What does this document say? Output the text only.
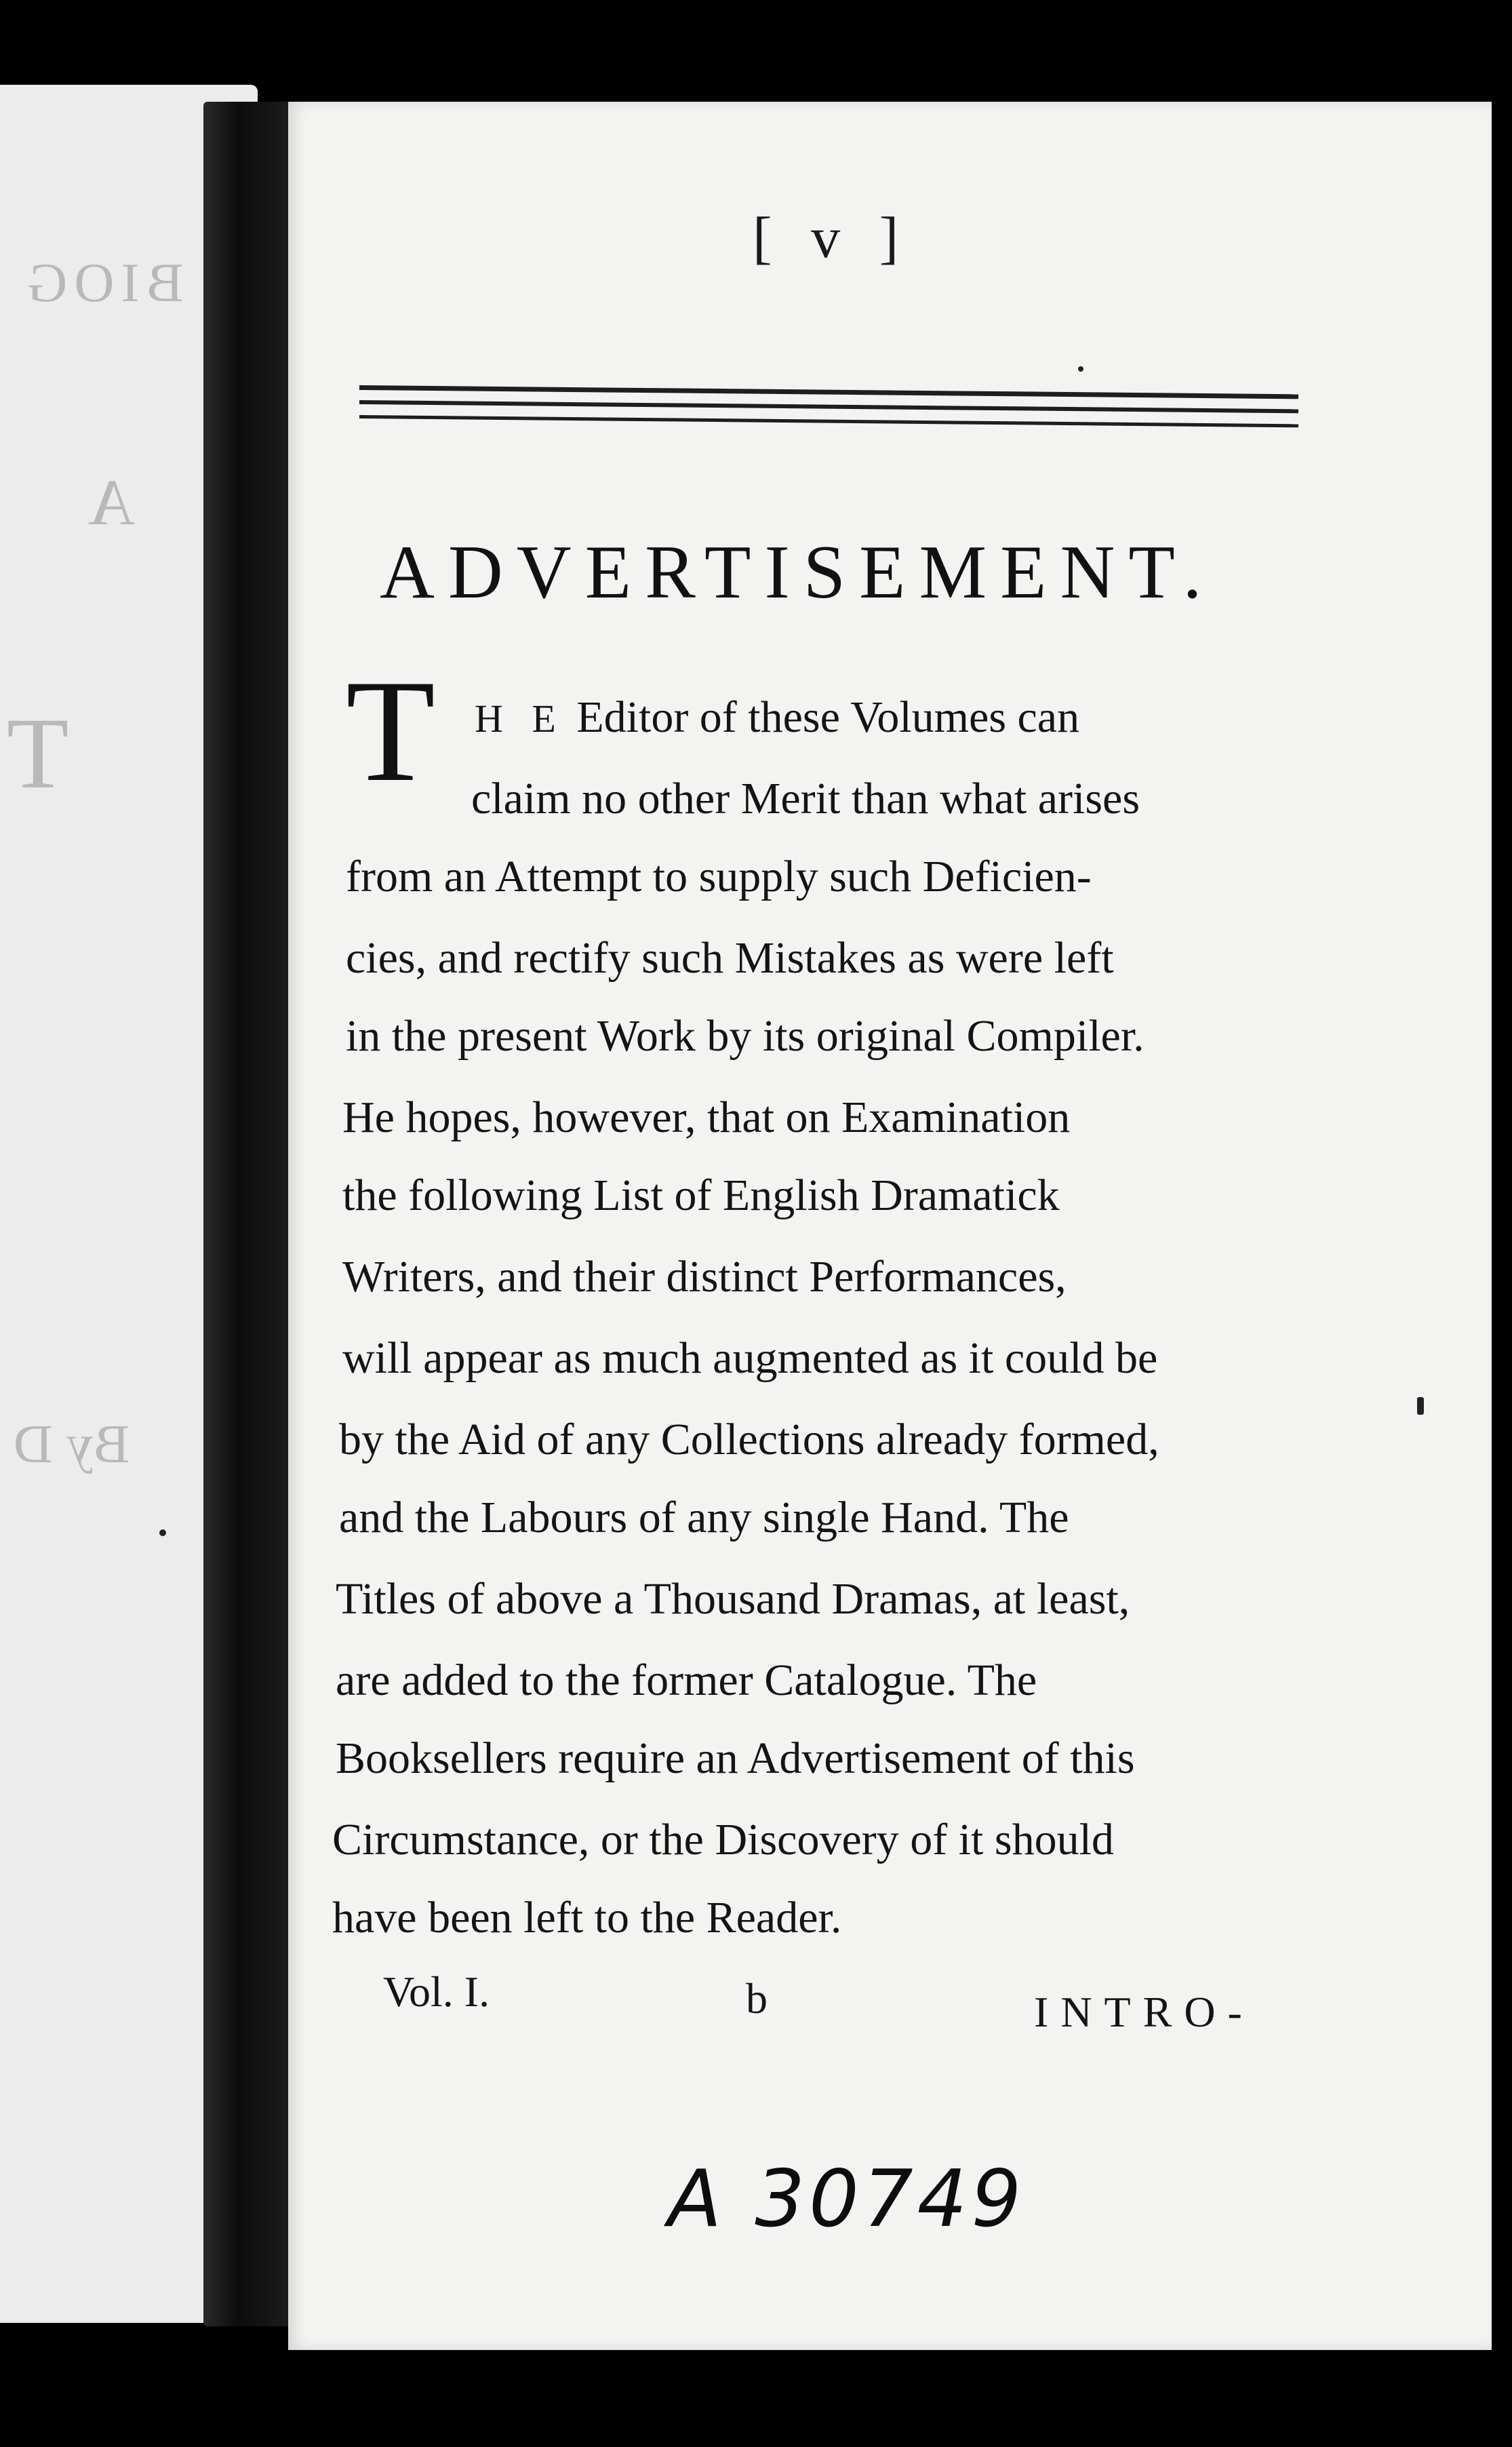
BIOG
A
T
By D
[ v ]
ADVERTISEMENT.
T H E Editor of these Volumes can
claim no other Merit than what arises
from an Attempt to supply such Deficien-
cies, and rectify such Mistakes as were left
in the present Work by its original Compiler.
He hopes, however, that on Examination
the following List of English Dramatick
Writers, and their distinct Performances,
will appear as much augmented as it could be
by the Aid of any Collections already formed,
and the Labours of any single Hand. The
Titles of above a Thousand Dramas, at least,
are added to the former Catalogue. The
Booksellers require an Advertisement of this
Circumstance, or the Discovery of it should
have been left to the Reader.
Vol. I.	b	INTRO-
A 30749
